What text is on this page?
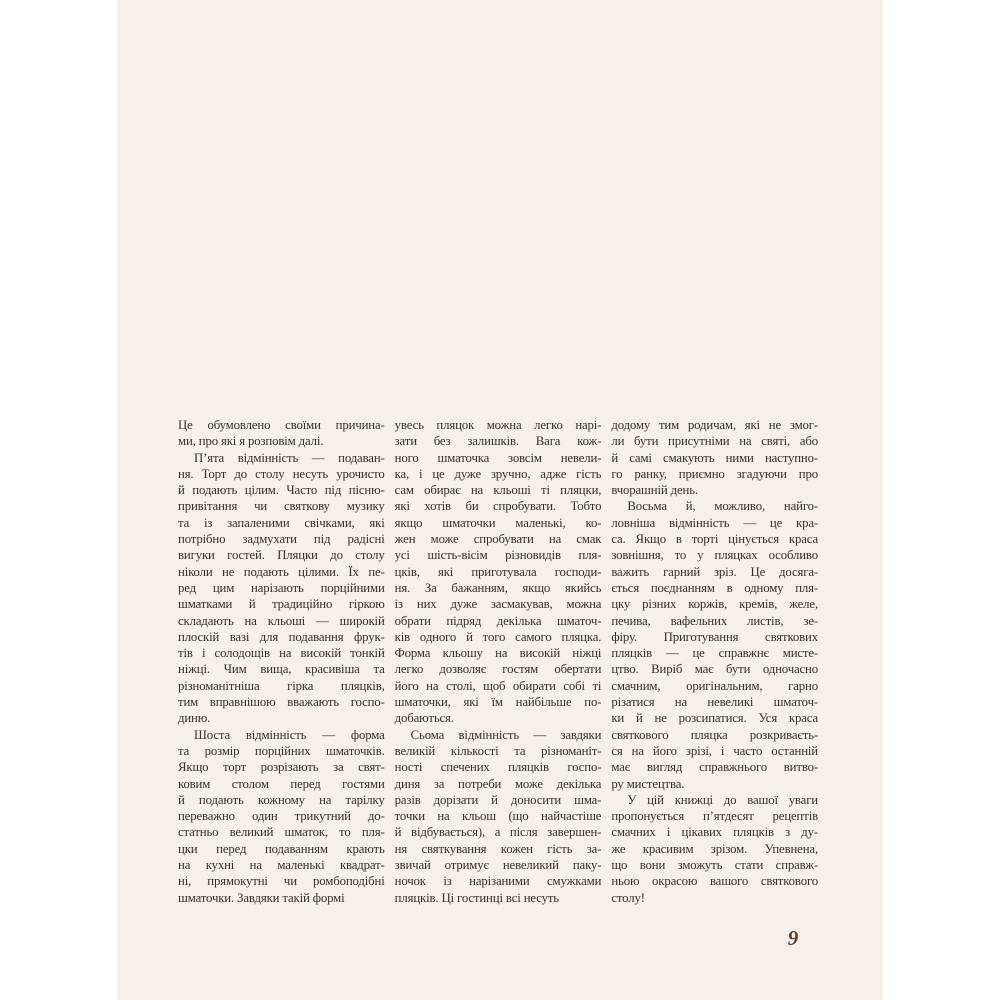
Це обумовлено своїми причина-
ми, про які я розповім далі.
П’ята відмінність — подаван-
ня. Торт до столу несуть урочисто
й подають цілим. Часто під пісню-
привітання чи святкову музику
та із запаленими свічками, які
потрібно задмухати під радісні
вигуки гостей. Пляцки до столу
ніколи не подають цілими. Їх пе-
ред цим нарізають порційними
шматками й традиційно гіркою
складають на кльоші — широкій
плоскій вазі для подавання фрук-
тів і солодощів на високій тонкій
ніжці. Чим вища, красивіша та
різноманітніша гірка пляцків,
тим вправнішою вважають госпо-
диню.
Шоста відмінність — форма
та розмір порційних шматочків.
Якщо торт розрізають за свят-
ковим столом перед гостями
й подають кожному на тарілку
переважно один трикутний до-
статньо великий шматок, то пля-
цки перед подаванням крають
на кухні на маленькі квадрат-
ні, прямокутні чи ромбоподібні
шматочки. Завдяки такій формі
увесь пляцок можна легко нарі-
зати без залишків. Вага кож-
ного шматочка зовсім невели-
ка, і це дуже зручно, адже гість
сам обирає на кльоші ті пляцки,
які хотів би спробувати. Тобто
якщо шматочки маленькі, ко-
жен може спробувати на смак
усі шість-вісім різновидів пля-
цків, які приготувала господи-
ня. За бажанням, якщо якийсь
із них дуже засмакував, можна
обрати підряд декілька шматоч-
ків одного й того самого пляцка.
Форма кльошу на високій ніжці
легко дозволяє гостям обертати
його на столі, щоб обирати собі ті
шматочки, які їм найбільше по-
добаються.
Сьома відмінність — завдяки
великій кількості та різноманіт-
ності спечених пляцків госпо-
диня за потреби може декілька
разів дорізати й доносити шма-
точки на кльош (що найчастіше
й відбувається), а після завершен-
ня святкування кожен гість за-
звичай отримує невеликий паку-
ночок із нарізаними смужками
пляцків. Ці гостинці всі несуть
додому тим родичам, які не змог-
ли бути присутніми на святі, або
й самі смакують ними наступно-
го ранку, приємно згадуючи про
вчорашній день.
Восьма й, можливо, найго-
ловніша відмінність — це кра-
са. Якщо в торті цінується краса
зовнішня, то у пляцках особливо
важить гарний зріз. Це досяга-
ється поєднанням в одному пля-
цку різних коржів, кремів, желе,
печива, вафельних листів, зе-
фіру. Приготування святкових
пляцків — це справжнє мисте-
цтво. Виріб має бути одночасно
смачним, оригінальним, гарно
різатися на невеликі шматоч-
ки й не розсипатися. Уся краса
святкового пляцка розкриваєть-
ся на його зрізі, і часто останній
має вигляд справжнього витво-
ру мистецтва.
У цій книжці до вашої уваги
пропонується п’ятдесят рецептів
смачних і цікавих пляцків з ду-
же красивим зрізом. Упевнена,
що вони зможуть стати справж-
ньою окрасою вашого святкового
столу!
9
